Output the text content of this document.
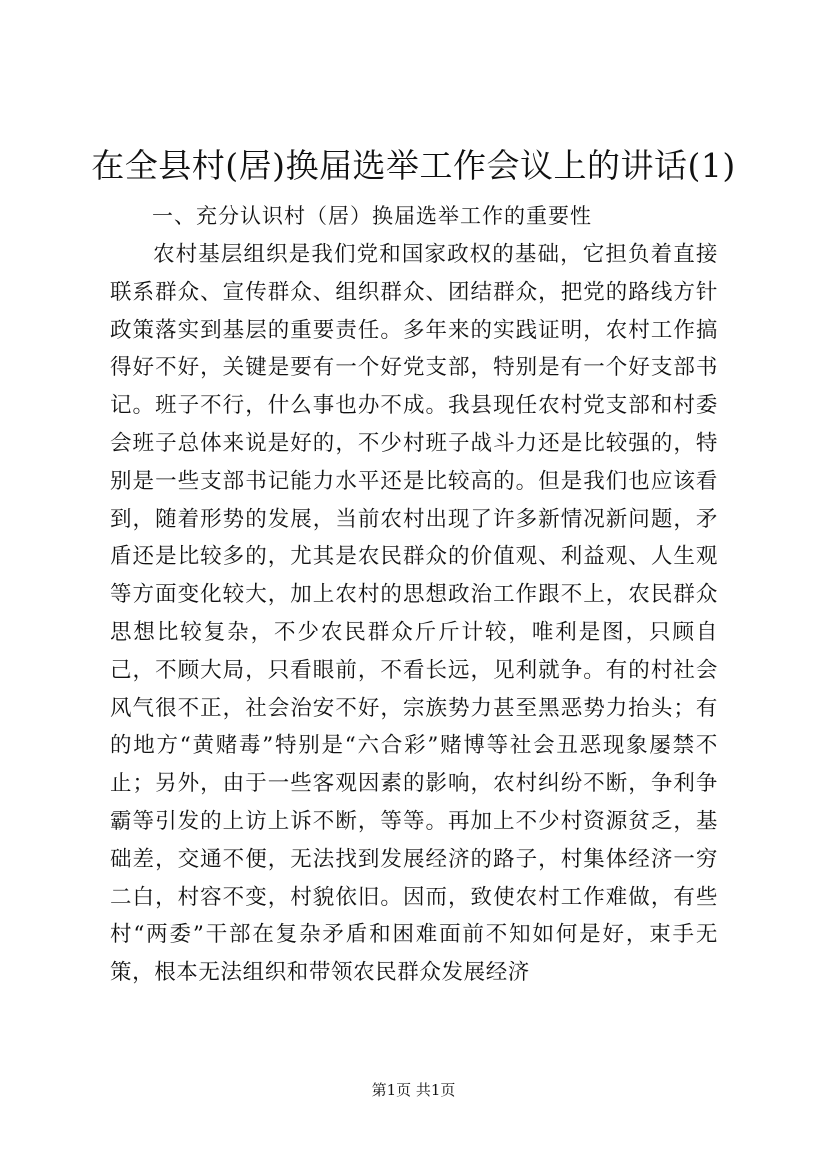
在全县村(居)换届选举工作会议上的讲话(1)

一、充分认识村（居）换届选举工作的重要性

农村基层组织是我们党和国家政权的基础，它担负着直接联系群众、宣传群众、组织群众、团结群众，把党的路线方针政策落实到基层的重要责任。多年来的实践证明，农村工作搞得好不好，关键是要有一个好党支部，特别是有一个好支部书记。班子不行，什么事也办不成。我县现任农村党支部和村委会班子总体来说是好的，不少村班子战斗力还是比较强的，特别是一些支部书记能力水平还是比较高的。但是我们也应该看到，随着形势的发展，当前农村出现了许多新情况新问题，矛盾还是比较多的，尤其是农民群众的价值观、利益观、人生观等方面变化较大，加上农村的思想政治工作跟不上，农民群众思想比较复杂，不少农民群众斤斤计较，唯利是图，只顾自己，不顾大局，只看眼前，不看长远，见利就争。有的村社会风气很不正，社会治安不好，宗族势力甚至黑恶势力抬头；有的地方“黄赌毒”特别是“六合彩”赌博等社会丑恶现象屡禁不止；另外，由于一些客观因素的影响，农村纠纷不断，争利争霸等引发的上访上诉不断，等等。再加上不少村资源贫乏，基础差，交通不便，无法找到发展经济的路子，村集体经济一穷二白，村容不变，村貌依旧。因而，致使农村工作难做，有些村“两委”干部在复杂矛盾和困难面前不知如何是好，束手无策，根本无法组织和带领农民群众发展经济

第1页 共1页
